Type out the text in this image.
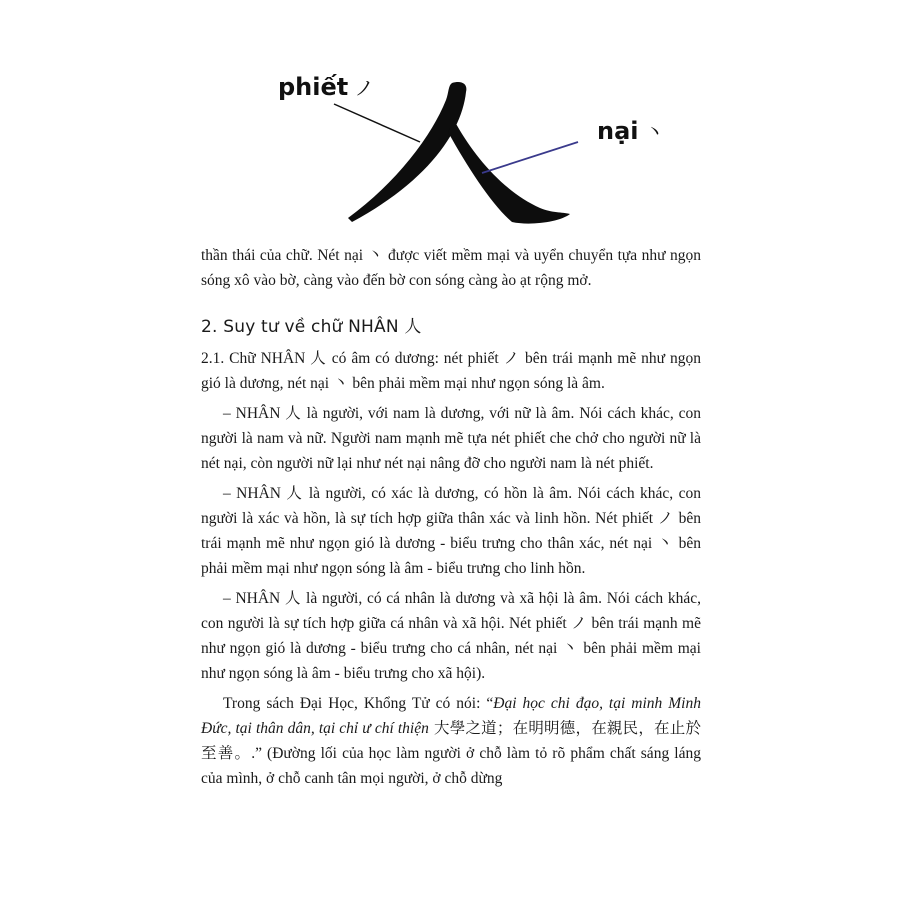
phiết ノ
nại 丶

thần thái của chữ. Nét nại 丶 được viết mềm mại và uyển chuyển tựa như ngọn sóng xô vào bờ, càng vào đến bờ con sóng càng ào ạt rộng mở.

2. Suy tư về chữ NHÂN 人

2.1. Chữ NHÂN 人 có âm có dương: nét phiết ノ bên trái mạnh mẽ như ngọn gió là dương, nét nại 丶 bên phải mềm mại như ngọn sóng là âm.

– NHÂN 人 là người, với nam là dương, với nữ là âm. Nói cách khác, con người là nam và nữ. Người nam mạnh mẽ tựa nét phiết che chở cho người nữ là nét nại, còn người nữ lại như nét nại nâng đỡ cho người nam là nét phiết.

– NHÂN 人 là người, có xác là dương, có hồn là âm. Nói cách khác, con người là xác và hồn, là sự tích hợp giữa thân xác và linh hồn. Nét phiết ノ bên trái mạnh mẽ như ngọn gió là dương - biểu trưng cho thân xác, nét nại 丶 bên phải mềm mại như ngọn sóng là âm - biểu trưng cho linh hồn.

– NHÂN 人 là người, có cá nhân là dương và xã hội là âm. Nói cách khác, con người là sự tích hợp giữa cá nhân và xã hội. Nét phiết ノ bên trái mạnh mẽ như ngọn gió là dương - biểu trưng cho cá nhân, nét nại 丶 bên phải mềm mại như ngọn sóng là âm - biểu trưng cho xã hội).

Trong sách Đại Học, Khổng Tử có nói: “Đại học chi đạo, tại minh Minh Đức, tại thân dân, tại chỉ ư chí thiện 大學之道；在明明德，在親民，在止於至善。.” (Đường lối của học làm người ở chỗ làm tỏ rõ phẩm chất sáng láng của mình, ở chỗ canh tân mọi người, ở chỗ dừng
